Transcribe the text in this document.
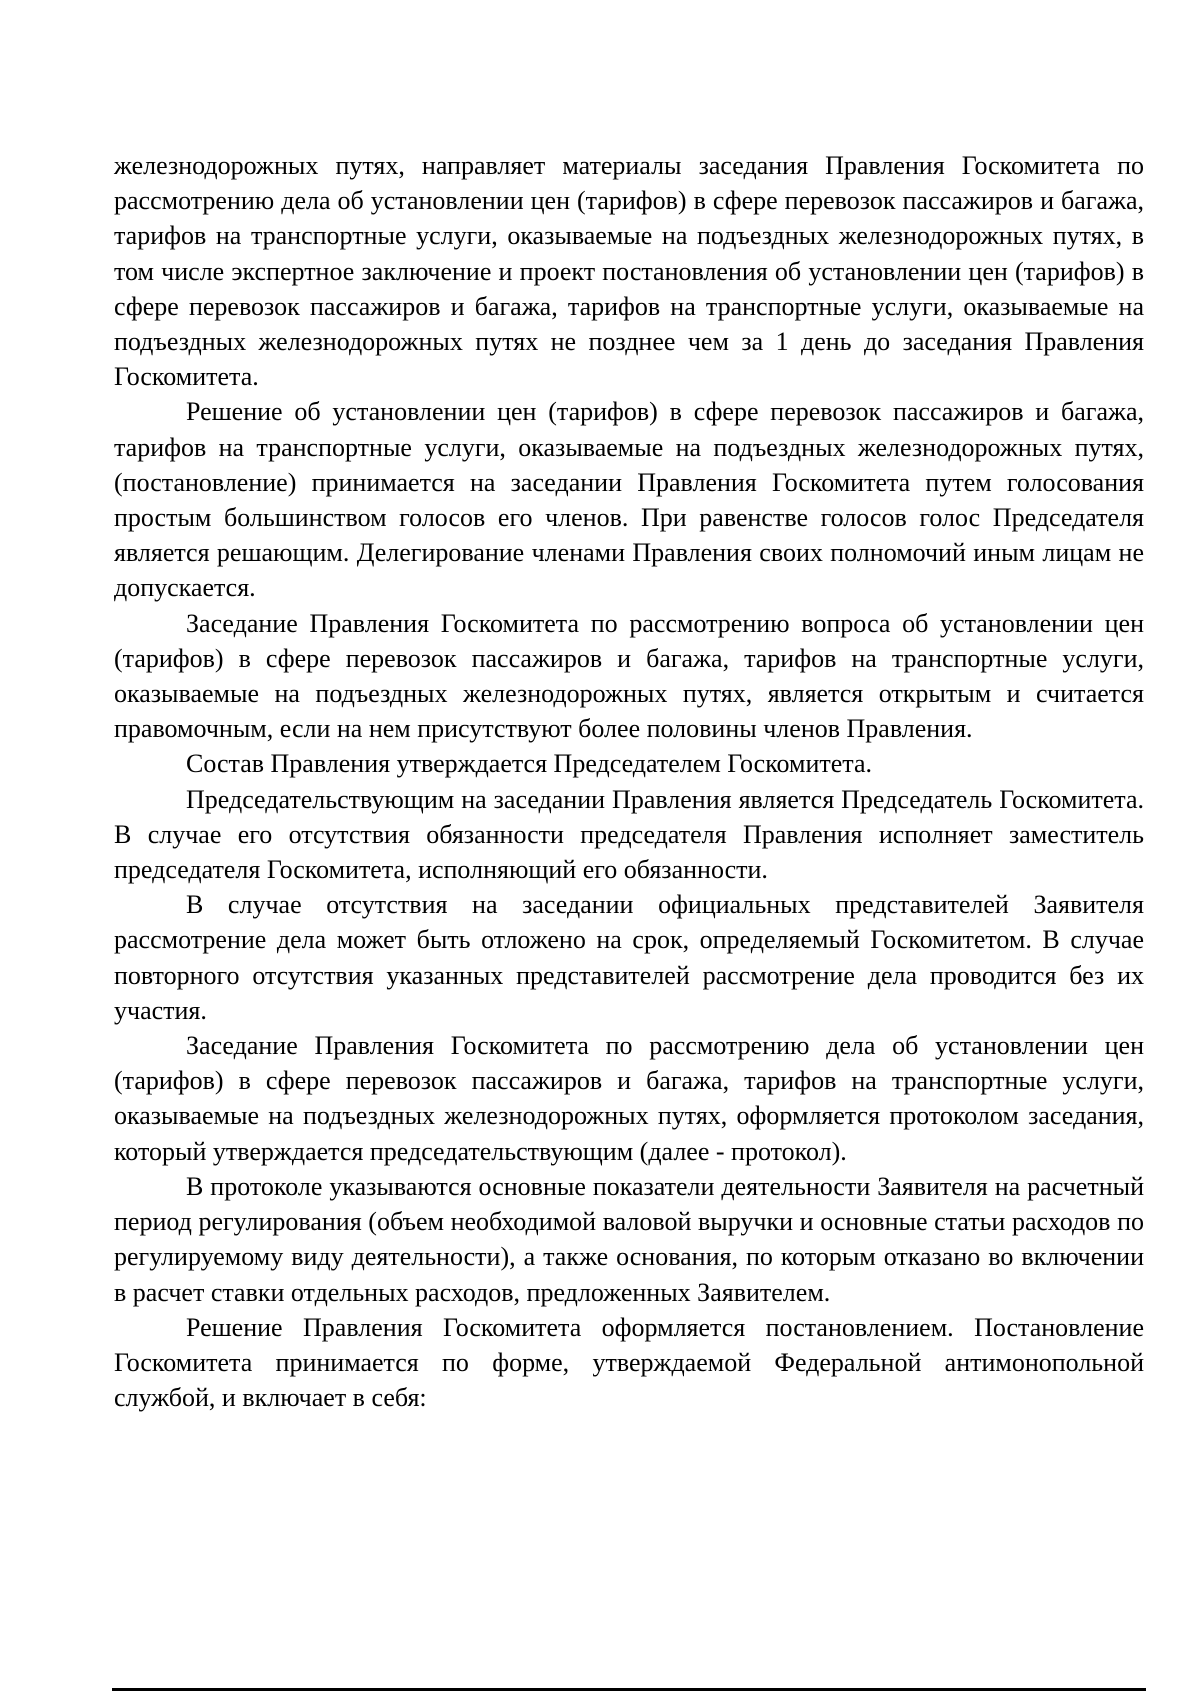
железнодорожных путях, направляет материалы заседания Правления Госкомитета по рассмотрению дела об установлении цен (тарифов) в сфере перевозок пассажиров и багажа, тарифов на транспортные услуги, оказываемые на подъездных железнодорожных путях, в том числе экспертное заключение и проект постановления об установлении цен (тарифов) в сфере перевозок пассажиров и багажа, тарифов на транспортные услуги, оказываемые на подъездных железнодорожных путях не позднее чем за 1 день до заседания Правления Госкомитета.

Решение об установлении цен (тарифов) в сфере перевозок пассажиров и багажа, тарифов на транспортные услуги, оказываемые на подъездных железнодорожных путях, (постановление) принимается на заседании Правления Госкомитета путем голосования простым большинством голосов его членов. При равенстве голосов голос Председателя является решающим. Делегирование членами Правления своих полномочий иным лицам не допускается.

Заседание Правления Госкомитета по рассмотрению вопроса об установлении цен (тарифов) в сфере перевозок пассажиров и багажа, тарифов на транспортные услуги, оказываемые на подъездных железнодорожных путях, является открытым и считается правомочным, если на нем присутствуют более половины членов Правления.

Состав Правления утверждается Председателем Госкомитета.

Председательствующим на заседании Правления является Председатель Госкомитета. В случае его отсутствия обязанности председателя Правления исполняет заместитель председателя Госкомитета, исполняющий его обязанности.

В случае отсутствия на заседании официальных представителей Заявителя рассмотрение дела может быть отложено на срок, определяемый Госкомитетом. В случае повторного отсутствия указанных представителей рассмотрение дела проводится без их участия.

Заседание Правления Госкомитета по рассмотрению дела об установлении цен (тарифов) в сфере перевозок пассажиров и багажа, тарифов на транспортные услуги, оказываемые на подъездных железнодорожных путях, оформляется протоколом заседания, который утверждается председательствующим (далее - протокол).

В протоколе указываются основные показатели деятельности Заявителя на расчетный период регулирования (объем необходимой валовой выручки и основные статьи расходов по регулируемому виду деятельности), а также основания, по которым отказано во включении в расчет ставки отдельных расходов, предложенных Заявителем.

Решение Правления Госкомитета оформляется постановлением. Постановление Госкомитета принимается по форме, утверждаемой Федеральной антимонопольной службой, и включает в себя:
